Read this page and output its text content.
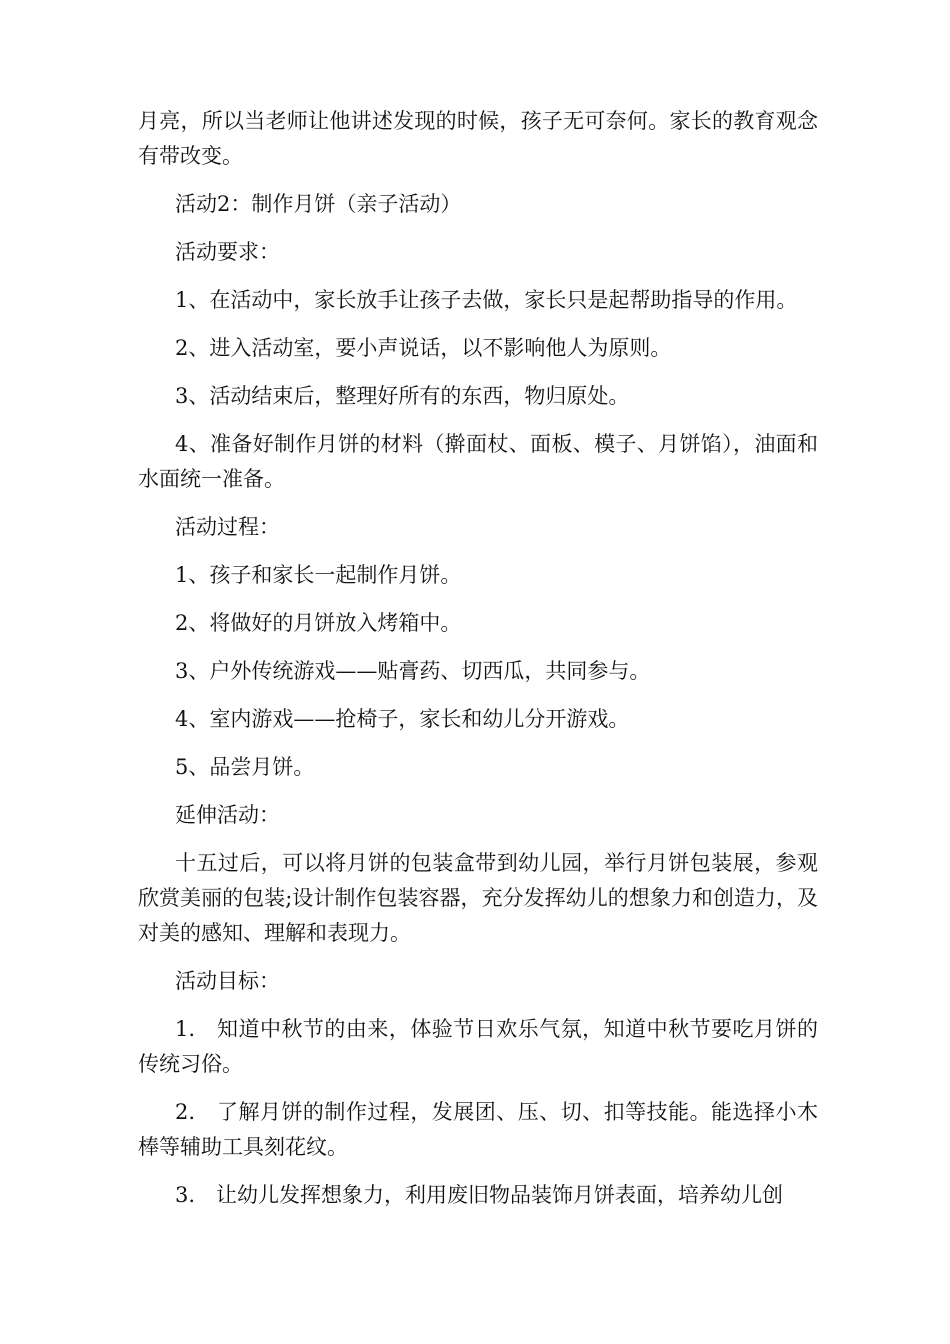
月亮，所以当老师让他讲述发现的时候，孩子无可奈何。家长的教育观念有带改变。

活动2：制作月饼（亲子活动）

活动要求：

1、在活动中，家长放手让孩子去做，家长只是起帮助指导的作用。

2、进入活动室，要小声说话，以不影响他人为原则。

3、活动结束后，整理好所有的东西，物归原处。

4、准备好制作月饼的材料（擀面杖、面板、模子、月饼馅），油面和水面统一准备。

活动过程：

1、孩子和家长一起制作月饼。

2、将做好的月饼放入烤箱中。

3、户外传统游戏——贴膏药、切西瓜，共同参与。

4、室内游戏——抢椅子，家长和幼儿分开游戏。

5、品尝月饼。

延伸活动：

十五过后，可以将月饼的包装盒带到幼儿园，举行月饼包装展，参观欣赏美丽的包装;设计制作包装容器，充分发挥幼儿的想象力和创造力，及对美的感知、理解和表现力。

活动目标：

1.　知道中秋节的由来，体验节日欢乐气氛，知道中秋节要吃月饼的传统习俗。

2.　了解月饼的制作过程，发展团、压、切、扣等技能。能选择小木棒等辅助工具刻花纹。

3.　让幼儿发挥想象力，利用废旧物品装饰月饼表面，培养幼儿创
